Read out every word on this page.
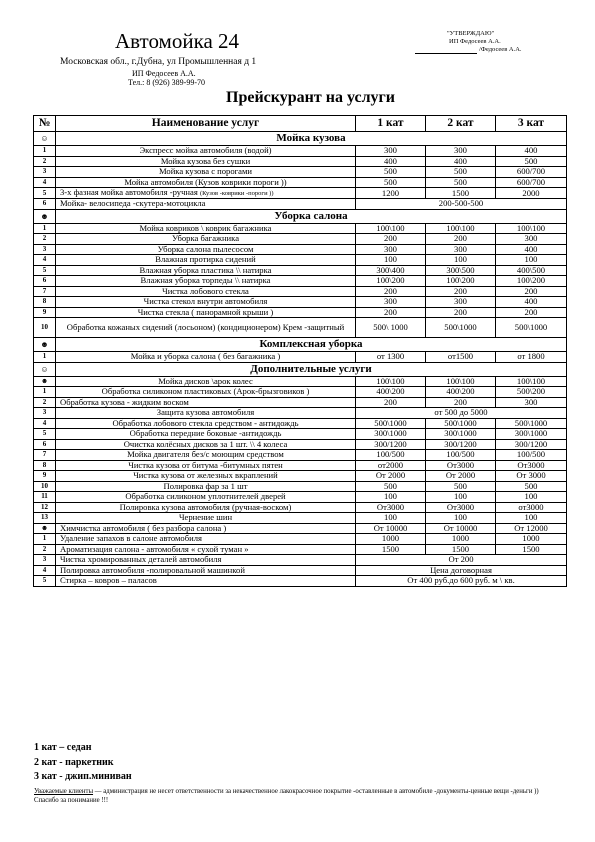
Автомойка 24
Московская обл., г.Дубна, ул Промышленная д 1
ИП Федосеев А.А.
Тел.: 8 (926) 389-99-70
"УТВЕРЖДАЮ"
ИП Федосеев А.А.
/Федосеев А.А.
Прейскурант на услуги
№	Наименование услуг	1 кат	2 кат	3 кат
☺	Мойка кузова			
1	Экспресс мойка автомобиля (водой)	300	300	400
2	Мойка кузова без сушки	400	400	500
3	Мойка кузова с порогами	500	500	600/700
4	Мойка автомобиля (Кузов коврики пороги ))	500	500	600/700
5	3-х фазная мойка автомобиля -ручная (Кузов -коврики -пороги ))	1200	1500	2000
6	Мойка- велосипеда -скутера-мотоцикла	200-500-500		
☻	Уборка салона			
1	Мойка ковриков \ коврик багажника	100\100	100\100	100\100
2	Уборка багажника	200	200	300
3	Уборка салона пылесосом	300	300	400
4	Влажная протирка сидений	100	100	100
5	Влажная уборка пластика \\ натирка	300\400	300\500	400\500
6	Влажная уборка торпеды \\ натирка	100\200	100\200	100\200
7	Чистка лобового стекла	200	200	200
8	Чистка стекол внутри автомобиля	300	300	400
9	Чистка стекла ( панорамной крыши )	200	200	200
10	Обработка кожаных сидений (лосьоном) (кондиционером) Крем -защитный	500\ 1000	500\1000	500\1000
☻	Комплексная уборка			
1	Мойка и уборка салона ( без багажника )	от 1300	от1500	от 1800
☺	Дополнительные услуги			
☻	Мойка дисков \арок колес	100\100	100\100	100\100
1	Обработка силиконом пластиковых (Арок-брызговиков )	400\200	400\200	500\200
2	Обработка кузова - жидким воском	200	200	300
3	Защита кузова автомобиля	от 500 до 5000		
4	Обработка лобового стекла средством - антидождь	500\1000	500\1000	500\1000
5	Обработка передние боковые -антидождь	300\1000	300\1000	300\1000
6	Очистка колёсных дисков за 1 шт. \\ 4 колеса	300/1200	300/1200	300/1200
7	Мойка двигателя без/с моющим средством	100/500	100/500	100/500
8	Чистка кузова от битума -битумных пятен	от2000	От3000	От3000
9	Чистка кузова от железных вкраплений	От 2000	От 2000	От 3000
10	Полировка фар за 1 шт	500	500	500
11	Обработка силиконом уплотнителей дверей	100	100	100
12	Полировка кузова автомобиля (ручная-воском)	От3000	От3000	от3000
13	Чернение шин	100	100	100
☻	Химчистка автомобиля ( без разбора салона )	От 10000	От 10000	От 12000
1	Удаление запахов в салоне автомобиля	1000	1000	1000
2	Ароматизация салона - автомобиля « сухой туман »	1500	1500	1500
3	Чистка хромированных деталей автомобиля	От 200		
4	Полировка автомобиля -полировальной машинкой	Цена договорная		
5	Стирка – ковров – паласов	От 400 руб.до 600 руб. м \ кв.		
1 кат – седан
2 кат - паркетник
3 кат - джип.миниван
Уважаемые клиенты — администрация не несет ответственности за некачественное лакокрасочное покрытие -оставленные в автомобиле -документы-ценные вещи -деньги ))
Спасибо за понимание !!!
